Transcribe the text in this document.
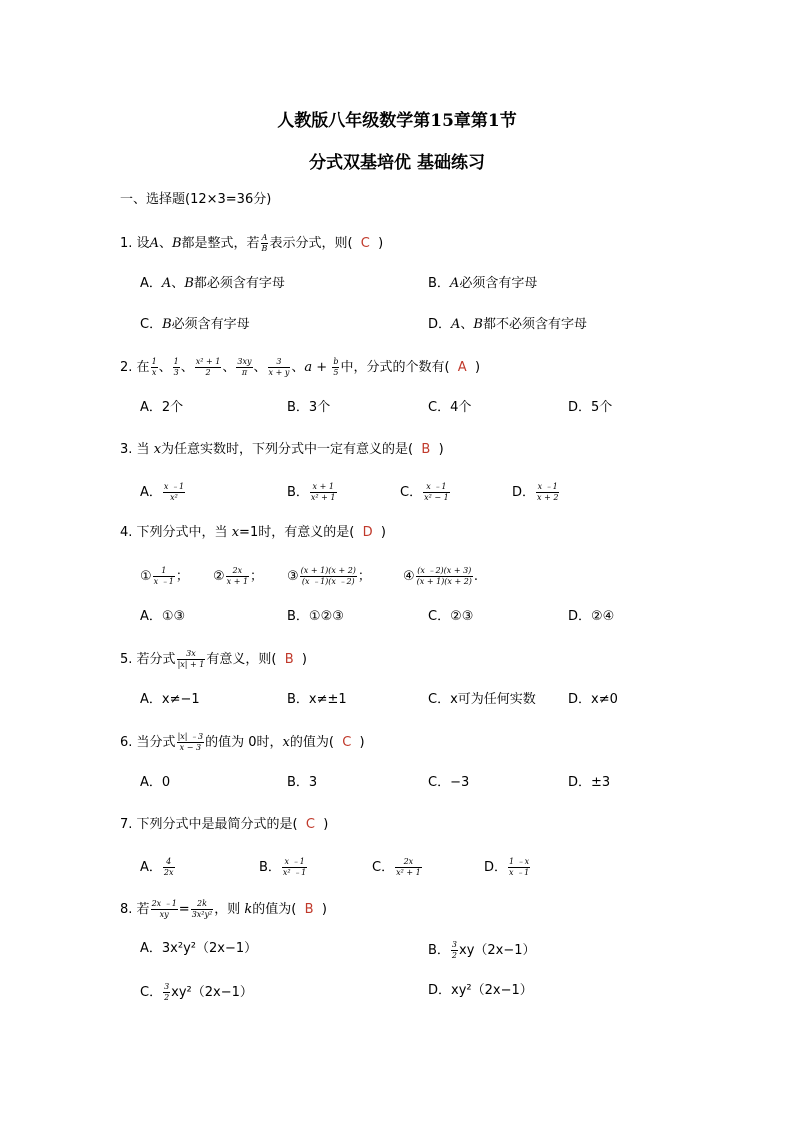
人教版八年级数学第15章第1节
分式双基培优 基础练习
一、选择题(12×3=36分)
1. 设A、B都是整式，若 $\frac{A}{B}$ 表示分式，则( C )
A．A、B都必须含有字母	B．A必须含有字母
C．B必须含有字母	D．A、B都不必须含有字母
2. 在 $\frac{1}{x}$ 、 $\frac{1}{3}$ 、 $\frac{\text{x² + 1}}{2}$ 、 $\frac{3xy}{\pi}$ 、 $\frac{3}{x + y}$ 、$a + \frac{b}{5}$ 中，分式的个数有( A )
A．2个	B．3个	C．4个	D．5个
3. 当 x为任意实数时，下列分式中一定有意义的是( B )
A． $\frac{x ﹣1}{\text{x²}}$	B． $\frac{x + 1}{\text{x² + 1}}$	C． $\frac{x ﹣1}{\text{x² − 1}}$	D． $\frac{x ﹣1}{x + 2}$
4. 下列分式中，当 x=1时，有意义的是( D )
① $\frac{1}{x ﹣1}$ ； ② $\frac{2x}{x + 1}$ ； ③ $\frac{(x + 1)(x + 2)}{(x ﹣1)(x ﹣2)}$ ； ④ $\frac{(x ﹣2)(x + 3)}{(x + 1)(x + 2)}$ .
A．①③	B．①②③	C．②③	D．②④
5. 若分式 $\frac{3x}{|x| + 1}$ 有意义，则( B )
A．x≠−1	B．x≠±1	C．x可为任何实数 D．x≠0
6. 当分式 $\frac{|x| ﹣3}{x - 3}$ 的值为 0时，x的值为( C )
A．0	B．3	C．−3	D．±3
7. 下列分式中是最简分式的是( C )
A． $\frac{4}{2x}$	B． $\frac{x ﹣1}{\text{x² ﹣1}}$	C． $\frac{2x}{\text{x² + 1}}$	D． $\frac{1 ﹣x}{x ﹣1}$
8. 若 $\frac{2x ﹣1}{xy} = \frac{2k}{\text{3x²y²}}$ ，则 k的值为( B )
A．3x²y²（2x−1）	B． $\frac{3}{2} xy(2x-1)$
C． $\frac{3}{2} xy^2(2x-1)$	D．xy²（2x−1）
